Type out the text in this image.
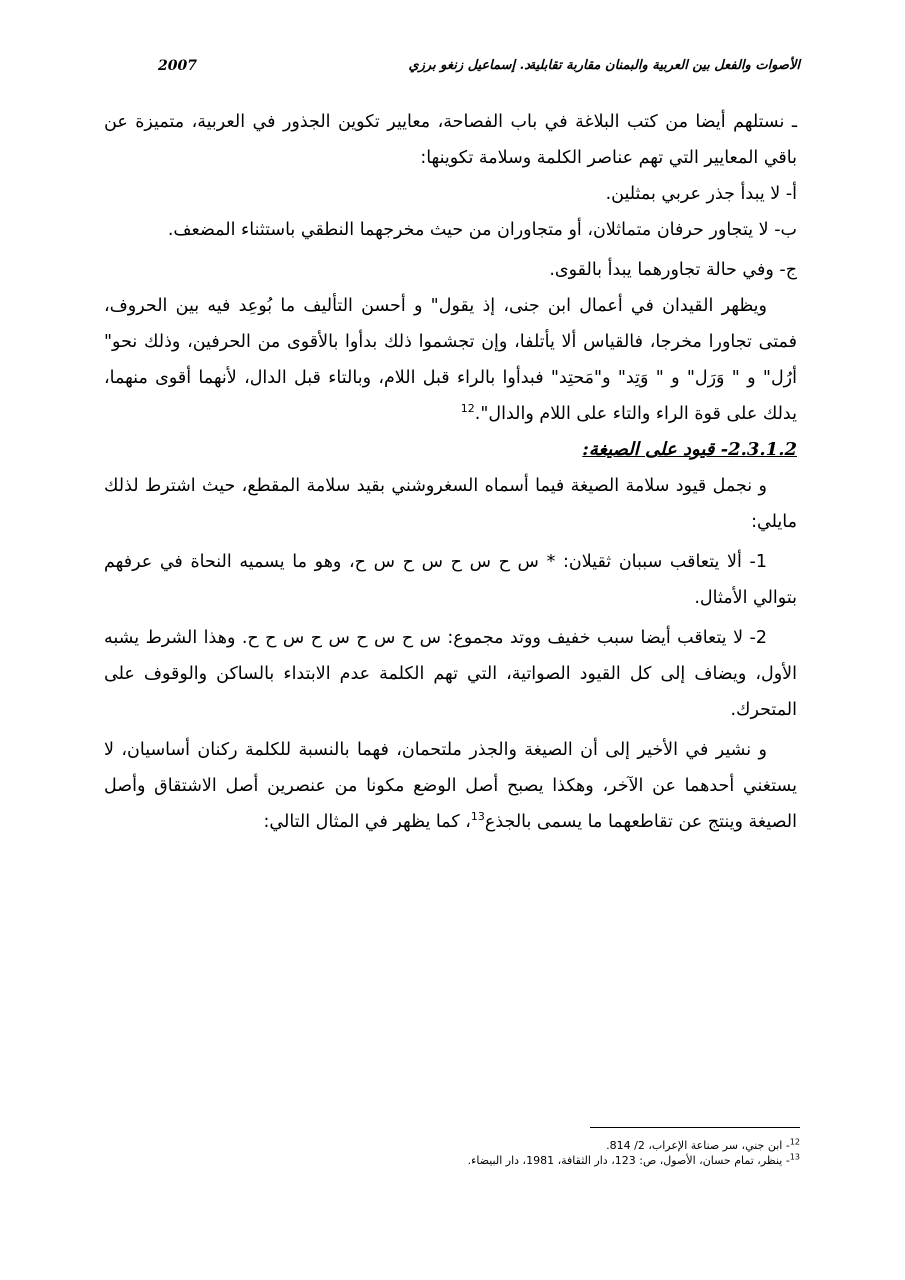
الأصوات والفعل بين العربية والبمنان مقاربة تقابلية
د. إسماعيل زنغو برزي
2007

ـ نستلهم أيضا من كتب البلاغة في باب الفصاحة، معايير تكوين الجذور في العربية، متميزة عن باقي المعايير التي تهم عناصر الكلمة وسلامة تكوينها:

أ- لا يبدأ جذر عربي بمثلين.

ب- لا يتجاور حرفان متماثلان، أو متجاوران من حيث مخرجهما النطقي باستثناء المضعف.

ج- وفي حالة تجاورهما يبدأ بالقوى.

ويظهر القيدان في أعمال ابن جنى، إذ يقول" و أحسن التأليف ما بُوعِد فيه بين الحروف، فمتى تجاورا مخرجا، فالقياس ألا يأتلفا، وإن تجشموا ذلك بدأوا بالأقوى من الحرفين، وذلك نحو" أرُل" و " وَرَل" و " وَتِد" و"مَحتِد" فبدأوا بالراء قبل اللام، وبالتاء قبل الدال، لأنهما أقوى منهما، يدلك على قوة الراء والتاء على اللام والدال".$^{12}$

2.3.1.2- قيود على الصيغة:

و نجمل قيود سلامة الصيغة فيما أسماه السغروشني بقيد سلامة المقطع، حيث اشترط لذلك مايلي:

1- ألا يتعاقب سببان ثقيلان: * س ح س ح س ح س ح، وهو ما يسميه النحاة في عرفهم بتوالي الأمثال.

2- لا يتعاقب أيضا سبب خفيف ووتد مجموع: س ح س ح س ح س ح ح. وهذا الشرط يشبه الأول، ويضاف إلى كل القيود الصواتية، التي تهم الكلمة عدم الابتداء بالساكن والوقوف على المتحرك.

و نشير في الأخير إلى أن الصيغة والجذر ملتحمان، فهما بالنسبة للكلمة ركنان أساسيان، لا يستغني أحدهما عن الآخر، وهكذا يصبح أصل الوضع مكونا من عنصرين أصل الاشتقاق وأصل الصيغة وينتج عن تقاطعهما ما يسمى بالجذع$^{13}$، كما يظهر في المثال التالي:

$^{12}$- ابن جني، سر صناعة الإعراب، 2/ 814.

$^{13}$- ينظر، تمام حسان، الأصول، ص: 123، دار الثقافة، 1981، دار البيضاء.
